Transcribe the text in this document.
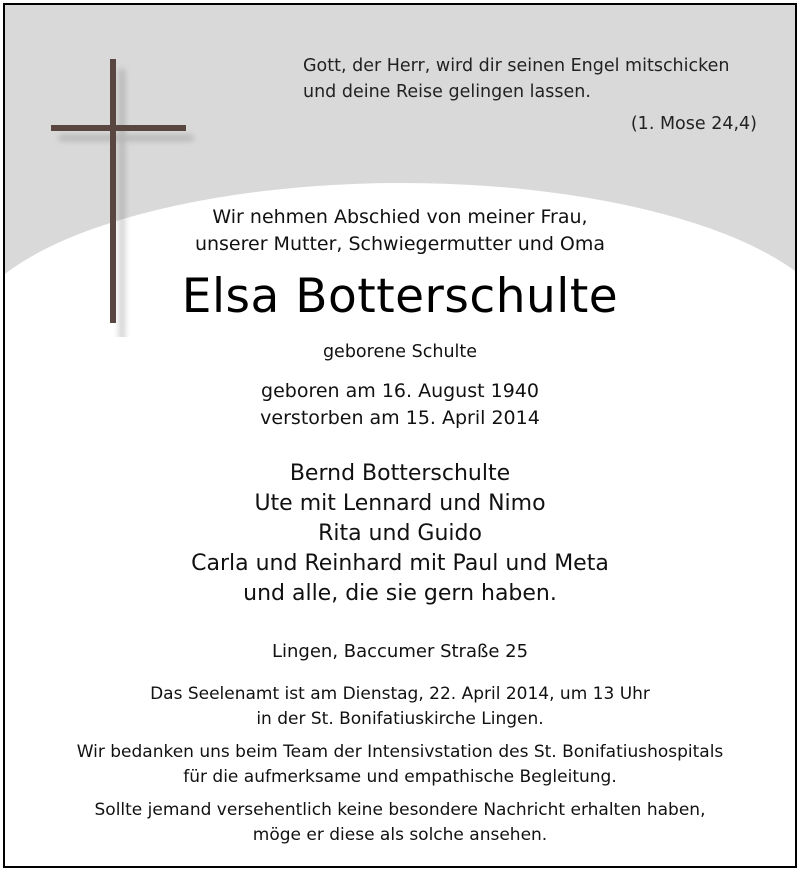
Gott, der Herr, wird dir seinen Engel mitschicken

und deine Reise gelingen lassen.

(1. Mose 24,4)

Wir nehmen Abschied von meiner Frau,

unserer Mutter, Schwiegermutter und Oma

Elsa Botterschulte
geborene Schulte

geboren am 16. August 1940

verstorben am 15. April 2014

Bernd Botterschulte

Ute mit Lennard und Nimo

Rita und Guido

Carla und Reinhard mit Paul und Meta

und alle, die sie gern haben.

Lingen, Baccumer Straße 25

Das Seelenamt ist am Dienstag, 22. April 2014, um 13 Uhr

in der St. Bonifatiuskirche Lingen.

Wir bedanken uns beim Team der Intensivstation des St. Bonifatiushospitals

für die aufmerksame und empathische Begleitung.

Sollte jemand versehentlich keine besondere Nachricht erhalten haben,

möge er diese als solche ansehen.
